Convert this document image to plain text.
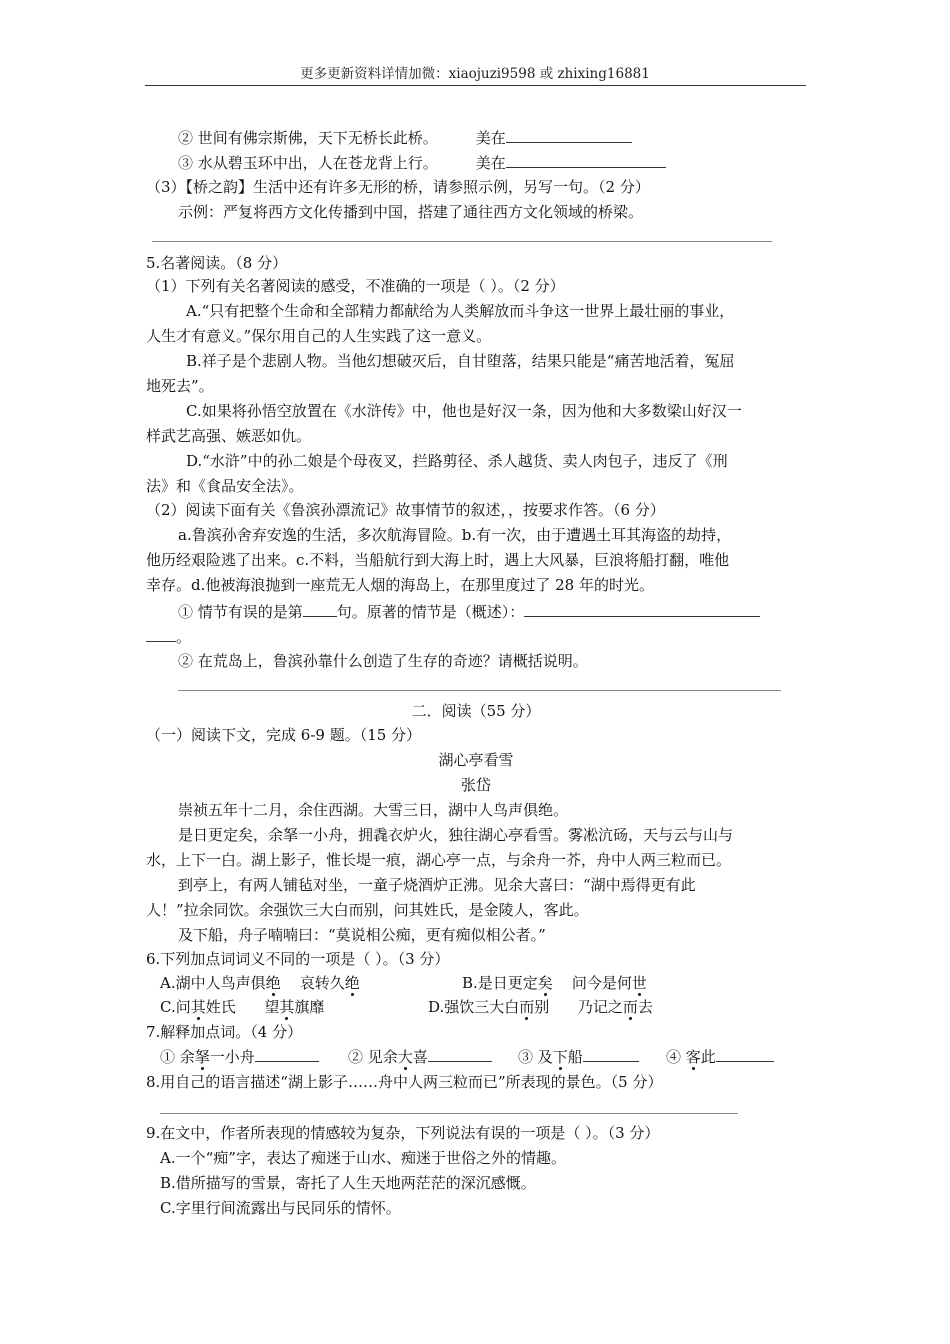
更多更新资料详情加微：xiaojuzi9598 或 zhixing16881
② 世间有佛宗斯佛，天下无桥长此桥。	美在
③ 水从碧玉环中出，人在苍龙背上行。	美在
（3）【桥之韵】生活中还有许多无形的桥，请参照示例，另写一句。（2 分）
示例：严复将西方文化传播到中国，搭建了通往西方文化领域的桥梁。
5.名著阅读。（8 分）
（1）下列有关名著阅读的感受，不准确的一项是（ ）。（2 分）
A.“只有把整个生命和全部精力都献给为人类解放而斗争这一世界上最壮丽的事业，
人生才有意义。”保尔用自己的人生实践了这一意义。
B.祥子是个悲剧人物。当他幻想破灭后，自甘堕落，结果只能是“痛苦地活着，冤屈
地死去”。
C.如果将孙悟空放置在《水浒传》中，他也是好汉一条，因为他和大多数梁山好汉一
样武艺高强、嫉恶如仇。
D.“水浒”中的孙二娘是个母夜叉，拦路剪径、杀人越货、卖人肉包子，违反了《刑
法》和《食品安全法》。
（2）阅读下面有关《鲁滨孙漂流记》故事情节的叙述，，按要求作答。（6 分）
a.鲁滨孙舍弃安逸的生活，多次航海冒险。b.有一次，由于遭遇土耳其海盗的劫持，
他历经艰险逃了出来。c.不料，当船航行到大海上时，遇上大风暴，巨浪将船打翻，唯他
幸存。d.他被海浪抛到一座荒无人烟的海岛上，在那里度过了 28 年的时光。
① 情节有误的是第 句。原著的情节是（概述）：
。
② 在荒岛上，鲁滨孙靠什么创造了生存的奇迹？请概括说明。
二．阅读（55 分）
（一）阅读下文，完成 6-9 题。（15 分）
湖心亭看雪
张岱
崇祯五年十二月，余住西湖。大雪三日，湖中人鸟声俱绝。
是日更定矣，余拏一小舟，拥毳衣炉火，独往湖心亭看雪。雾凇沆砀，天与云与山与
水，上下一白。湖上影子，惟长堤一痕，湖心亭一点，与余舟一芥，舟中人两三粒而已。
到亭上，有两人铺毡对坐，一童子烧酒炉正沸。见余大喜曰：“湖中焉得更有此
人！”拉余同饮。余强饮三大白而别，问其姓氏，是金陵人，客此。
及下船，舟子喃喃曰：“莫说相公痴，更有痴似相公者。”
6.下列加点词词义不同的一项是（ ）。（3 分）
A.湖中人鸟声俱绝    哀转久绝	B.是日更定矣    问今是何世
C.问其姓氏      望其旗靡	D.强饮三大白而别      乃记之而去
7.解释加点词。（4 分）
① 余拏一小舟	② 见余大喜	③ 及下船	④ 客此
8.用自己的语言描述“湖上影子……舟中人两三粒而已”所表现的景色。（5 分）
9.在文中，作者所表现的情感较为复杂，下列说法有误的一项是（ ）。（3 分）
A.一个“痴”字，表达了痴迷于山水、痴迷于世俗之外的情趣。
B.借所描写的雪景，寄托了人生天地两茫茫的深沉感慨。
C.字里行间流露出与民同乐的情怀。
